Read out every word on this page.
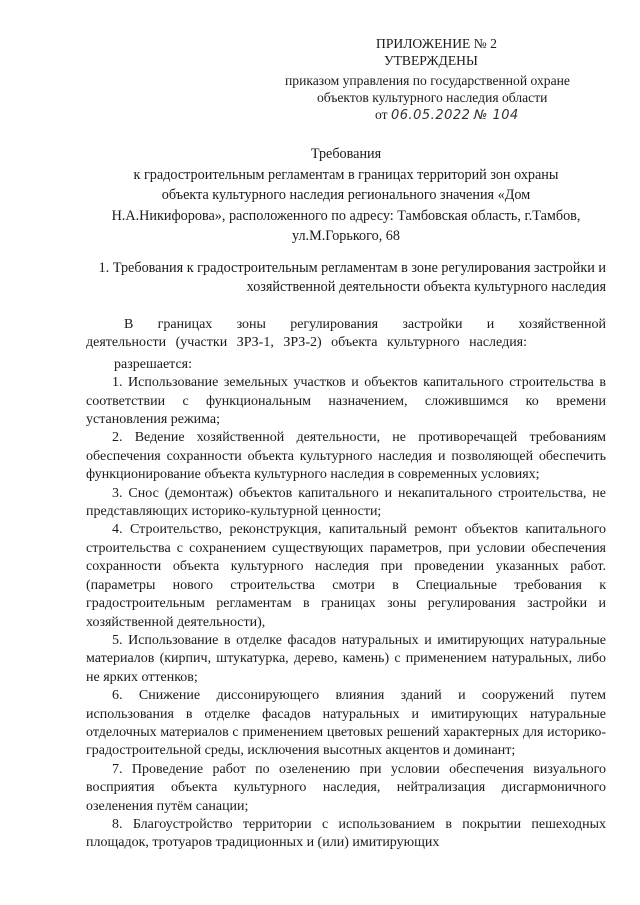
ПРИЛОЖЕНИЕ № 2
УТВЕРЖДЕНЫ
приказом управления по государственной охране
объектов культурного наследия области
от 06.05.2022 № 104
Требования
к градостроительным регламентам в границах территорий зон охраны
объекта культурного наследия регионального значения «Дом
Н.А.Никифорова», расположенного по адресу: Тамбовская область, г.Тамбов,
ул.М.Горького, 68
1. Требования к градостроительным регламентам в зоне регулирования застройки и хозяйственной деятельности объекта культурного наследия

В границах зоны регулирования застройки и хозяйственной деятельности (участки ЗРЗ-1, ЗРЗ-2) объекта культурного наследия:

разрешается:

1. Использование земельных участков и объектов капитального строительства в соответствии с функциональным назначением, сложившимся ко времени установления режима;

2. Ведение хозяйственной деятельности, не противоречащей требованиям обеспечения сохранности объекта культурного наследия и позволяющей обеспечить функционирование объекта культурного наследия в современных условиях;

3. Снос (демонтаж) объектов капитального и некапитального строительства, не представляющих историко-культурной ценности;

4. Строительство, реконструкция, капитальный ремонт объектов капитального строительства с сохранением существующих параметров, при условии обеспечения сохранности объекта культурного наследия при проведении указанных работ. (параметры нового строительства смотри в Специальные требования к градостроительным регламентам в границах зоны регулирования застройки и хозяйственной деятельности),

5. Использование в отделке фасадов натуральных и имитирующих натуральные материалов (кирпич, штукатурка, дерево, камень) с применением натуральных, либо не ярких оттенков;

6. Снижение диссонирующего влияния зданий и сооружений путем использования в отделке фасадов натуральных и имитирующих натуральные отделочных материалов с применением цветовых решений характерных для историко-градостроительной среды, исключения высотных акцентов и доминант;

7. Проведение работ по озеленению при условии обеспечения визуального восприятия объекта культурного наследия, нейтрализация дисгармоничного озеленения путём санации;

8. Благоустройство территории с использованием в покрытии пешеходных площадок, тротуаров традиционных и (или) имитирующих
